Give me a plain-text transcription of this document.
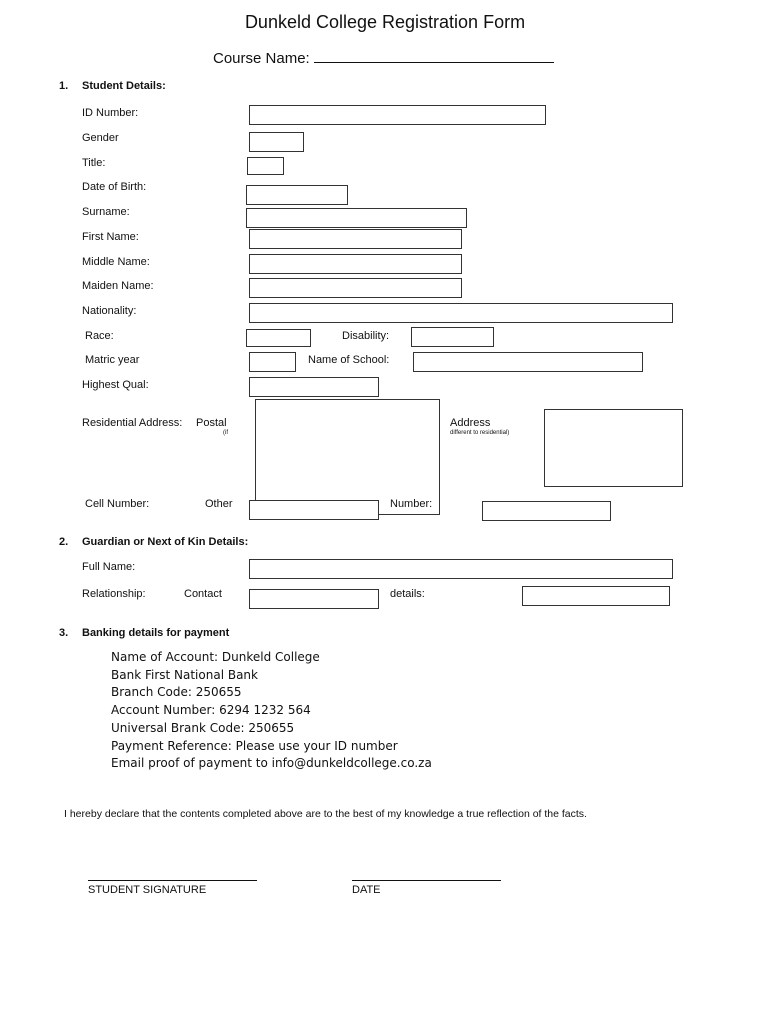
Dunkeld College Registration Form
Course Name:
1. Student Details:
ID Number:
Gender
Title:
Date of Birth:
Surname:
First Name:
Middle Name:
Maiden Name:
Nationality:
Race:	Disability:
Matric year	Name of School:
Highest Qual:
Residential Address: Postal
(if
Address
different to residential)
Cell Number:	Other	Number:
2. Guardian or Next of Kin Details:
Full Name:
Relationship:	Contact	details:
3. Banking details for payment
Name of Account: Dunkeld College
Bank First National Bank
Branch Code: 250655
Account Number: 6294 1232 564
Universal Brank Code: 250655
Payment Reference: Please use your ID number
Email proof of payment to info@dunkeldcollege.co.za
I hereby declare that the contents completed above are to the best of my knowledge a true reflection of the facts.
STUDENT SIGNATURE	DATE
